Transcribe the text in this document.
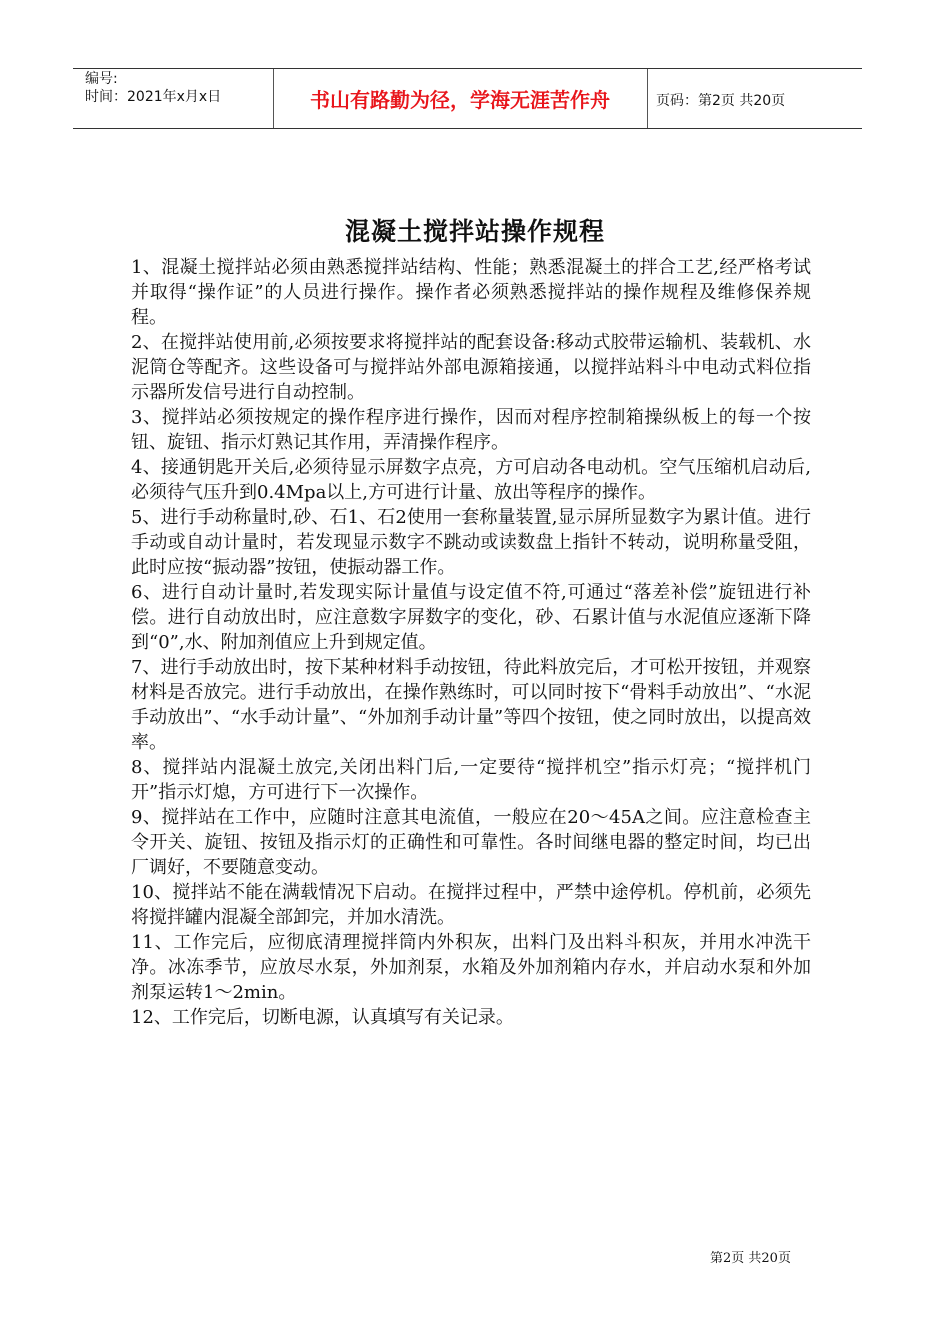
编号:
时间：2021年x月x日	书山有路勤为径，学海无涯苦作舟	页码：第2页 共20页
混凝土搅拌站操作规程

1、混凝土搅拌站必须由熟悉搅拌站结构、性能；熟悉混凝土的拌合工艺,经严格考试并取得“操作证”的人员进行操作。操作者必须熟悉搅拌站的操作规程及维修保养规程。

2、在搅拌站使用前,必须按要求将搅拌站的配套设备:移动式胶带运输机、装载机、水泥筒仓等配齐。这些设备可与搅拌站外部电源箱接通，以搅拌站料斗中电动式料位指示器所发信号进行自动控制。

3、搅拌站必须按规定的操作程序进行操作，因而对程序控制箱操纵板上的每一个按钮、旋钮、指示灯熟记其作用，弄清操作程序。

4、接通钥匙开关后,必须待显示屏数字点亮，方可启动各电动机。空气压缩机启动后,必须待气压升到0.4Mpa以上,方可进行计量、放出等程序的操作。

5、进行手动称量时,砂、石1、石2使用一套称量装置,显示屏所显数字为累计值。进行手动或自动计量时，若发现显示数字不跳动或读数盘上指针不转动，说明称量受阻，此时应按“振动器”按钮，使振动器工作。

6、进行自动计量时,若发现实际计量值与设定值不符,可通过“落差补偿”旋钮进行补偿。进行自动放出时，应注意数字屏数字的变化，砂、石累计值与水泥值应逐渐下降到“0”,水、附加剂值应上升到规定值。

7、进行手动放出时，按下某种材料手动按钮，待此料放完后，才可松开按钮，并观察材料是否放完。进行手动放出，在操作熟练时，可以同时按下“骨料手动放出”、“水泥手动放出”、“水手动计量”、“外加剂手动计量”等四个按钮，使之同时放出，以提高效率。

8、搅拌站内混凝土放完,关闭出料门后,一定要待“搅拌机空”指示灯亮；“搅拌机门开”指示灯熄，方可进行下一次操作。

9、搅拌站在工作中，应随时注意其电流值，一般应在20～45A之间。应注意检查主令开关、旋钮、按钮及指示灯的正确性和可靠性。各时间继电器的整定时间，均已出厂调好，不要随意变动。

10、搅拌站不能在满载情况下启动。在搅拌过程中，严禁中途停机。停机前，必须先将搅拌罐内混凝全部卸完，并加水清洗。

11、工作完后，应彻底清理搅拌筒内外积灰，出料门及出料斗积灰，并用水冲洗干净。冰冻季节，应放尽水泵，外加剂泵，水箱及外加剂箱内存水，并启动水泵和外加剂泵运转1～2min。

12、工作完后，切断电源，认真填写有关记录。

第2页 共20页
